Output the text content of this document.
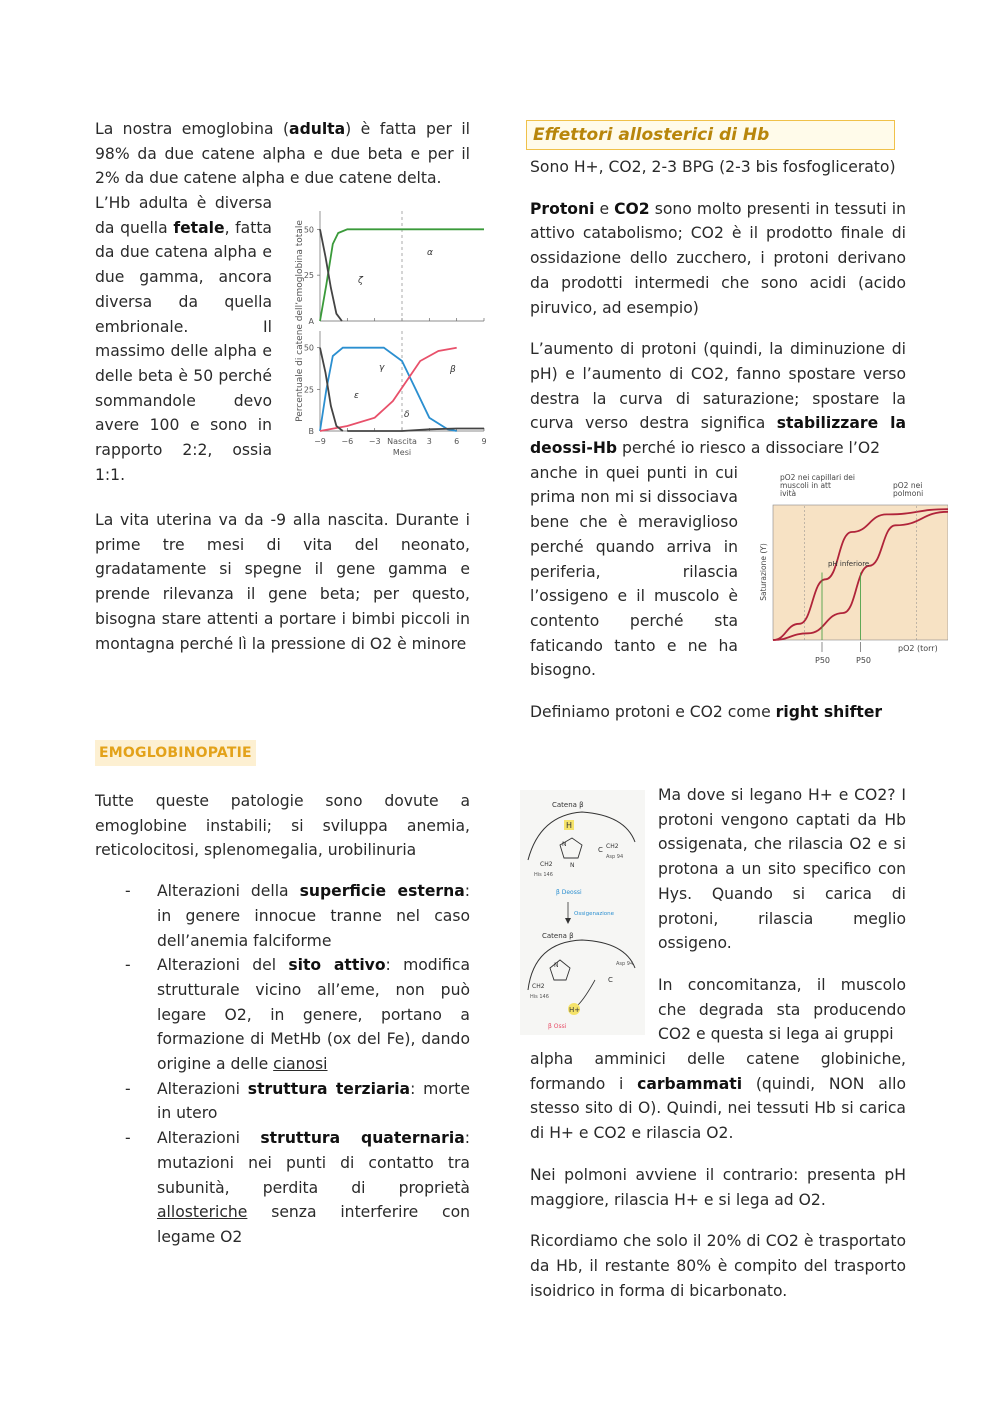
La nostra emoglobina (adulta) è fatta per il 98% da due catene alpha e due beta e per il 2% da due catene alpha e due catene delta.

L’Hb adulta è diversa da quella fetale, fatta da due catena alpha e due gamma, ancora diversa da quella embrionale. Il massimo delle alpha e delle beta è 50 perché sommandole devo avere 100 e sono in rapporto 2:2, ossia 1:1.

Percentuale di catene dell’emoglobina totale
50
25
A
50
25
B
α
ζ
γ	β
ε
δ
−9 −6 −3	3	6	9
Nascita
Mesi

La vita uterina va da -9 alla nascita. Durante i prime tre mesi di vita del neonato, gradatamente si spegne il gene gamma e prende rilevanza il gene beta; per questo, bisogna stare attenti a portare i bimbi piccoli in montagna perché lì la pressione di O2 è minore

EMOGLOBINOPATIE

Tutte queste patologie sono dovute a emoglobine instabili; si sviluppa anemia, reticolocitosi, splenomegalia, urobilinuria

- Alterazioni della superficie esterna: in genere innocue tranne nel caso dell’anemia falciforme
- Alterazioni del sito attivo: modifica strutturale vicino all’eme, non può legare O2, in genere, portano a formazione di MetHb (ox del Fe), dando origine a delle cianosi
- Alterazioni struttura terziaria: morte in utero
- Alterazioni struttura quaternaria: mutazioni nei punti di contatto tra subunità, perdita di proprietà allosteriche senza interferire con legame O2
Effettori allosterici di Hb

Sono H+, CO2, 2-3 BPG (2-3 bis fosfoglicerato)

Protoni e CO2 sono molto presenti in tessuti in attivo catabolismo; CO2 è il prodotto finale di ossidazione dello zucchero, i protoni derivano da prodotti intermedi che sono acidi (acido piruvico, ad esempio)

L’aumento di protoni (quindi, la diminuzione di pH) e l’aumento di CO2, fanno spostare verso destra la curva di saturazione; spostare la curva verso destra significa stabilizzare la deossi-Hb perché io riesco a dissociare l’O2

anche in quei punti in cui prima non mi si dissociava bene che è meraviglioso perché quando arriva in periferia, rilascia l’ossigeno e il muscolo è contento perché sta faticando tanto e ne ha bisogno.

Definiamo protoni e CO2 come right shifter

pO2 nei capillari dei muscoli in att ività
pO2 nei polmoni
Saturazione (Y)	pH inferiore
pO2 (torr)
P50	P50
Catena β
H
N
N
CH2
His 146
C CH2
Asp 94
β Deossi
Ossigenazione
Catena β
N
CH2
His 146
C
Asp 94
H+
β Ossi

Ma dove si legano H+ e CO2? I protoni vengono captati da Hb ossigenata, che rilascia O2 e si protona a un sito specifico con Hys. Quando si carica di protoni, rilascia meglio ossigeno.

In concomitanza, il muscolo che degrada sta producendo CO2 e questa si lega ai gruppi

alpha amminici delle catene globiniche, formando i carbammati (quindi, NON allo stesso sito di O). Quindi, nei tessuti Hb si carica di H+ e CO2 e rilascia O2.

Nei polmoni avviene il contrario: presenta pH maggiore, rilascia H+ e si lega ad O2.

Ricordiamo che solo il 20% di CO2 è trasportato da Hb, il restante 80% è compito del trasporto isoidrico in forma di bicarbonato.
